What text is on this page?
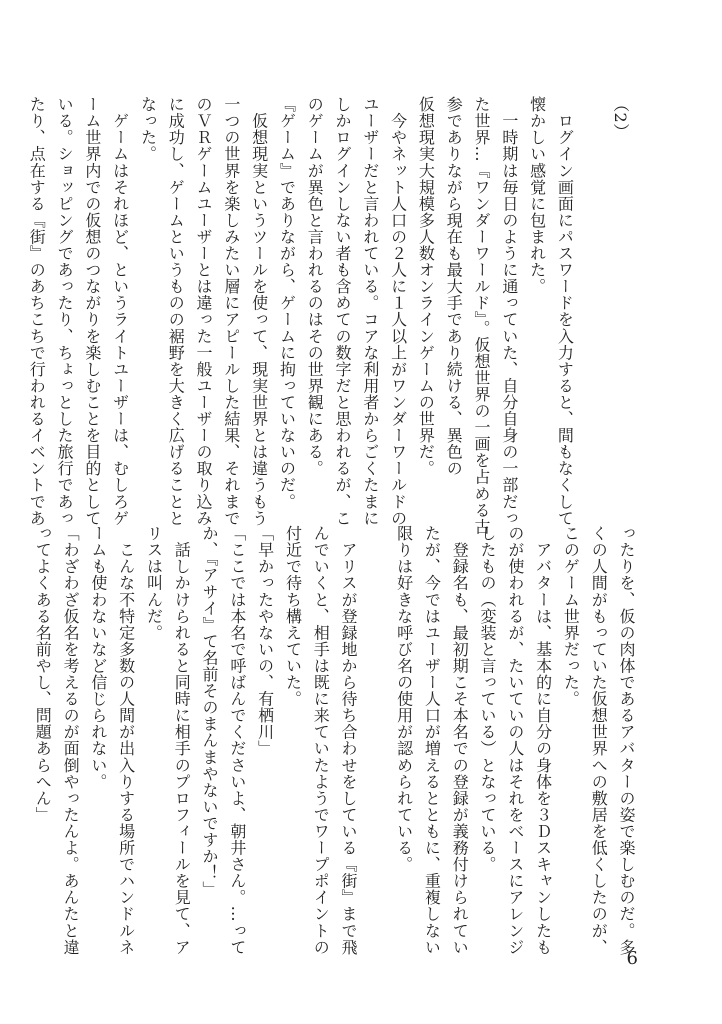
（2）

　ログイン画面にパスワードを入力すると、間もなくして
懐かしい感覚に包まれた。
　一時期は毎日のように通っていた、自分自身の一部だっ
た世界…『ワンダーワールド』。仮想世界の一画を占める古
参でありながら現在も最大手であり続ける、異色の
仮想現実大規模多人数オンラインゲームの世界だ。
　今やネット人口の２人に１人以上がワンダーワールドの
ユーザーだと言われている。コアな利用者からごくたまに
しかログインしない者も含めての数字だと思われるが、こ
のゲームが異色と言われるのはその世界観にある。
『ゲーム』でありながら、ゲームに拘っていないのだ。
　仮想現実というツールを使って、現実世界とは違うもう
一つの世界を楽しみたい層にアピールした結果、それまで
のＶＲゲームユーザーとは違った一般ユーザーの取り込み
に成功し、ゲームというものの裾野を大きく広げることと
なった。
　ゲームはそれほど、というライトユーザーは、むしろゲ
ーム世界内での仮想のつながりを楽しむことを目的として
いる。ショッピングであったり、ちょっとした旅行であっ
たり、点在する『街』のあちこちで行われるイベントであ
ったりを、仮の肉体であるアバターの姿で楽しむのだ。多
くの人間がもっていた仮想世界への敷居を低くしたのが、
このゲーム世界だった。
　アバターは、基本的に自分の身体を３Ｄスキャンしたも
のが使われるが、たいていの人はそれをベースにアレンジ
したもの（変装と言っている）となっている。
　登録名も、最初期こそ本名での登録が義務付けられてい
たが、今ではユーザー人口が増えるとともに、重複しない
限りは好きな呼び名の使用が認められている。

　アリスが登録地から待ち合わせをしている『街』まで飛
んでいくと、相手は既に来ていたようでワープポイントの
付近で待ち構えていた。
「早かったやないの、有栖川」
「ここでは本名で呼ばんでくださいよ、朝井さん。…って
か、『アサイ』て名前そのまんまやないですか！」
　話しかけられると同時に相手のプロフィールを見て、ア
リスは叫んだ。
　こんな不特定多数の人間が出入りする場所でハンドルネ
ームも使わないなど信じられない。
「わざわざ仮名を考えるのが面倒やったんよ。あんたと違
ってよくある名前やし、問題あらへん」
6
